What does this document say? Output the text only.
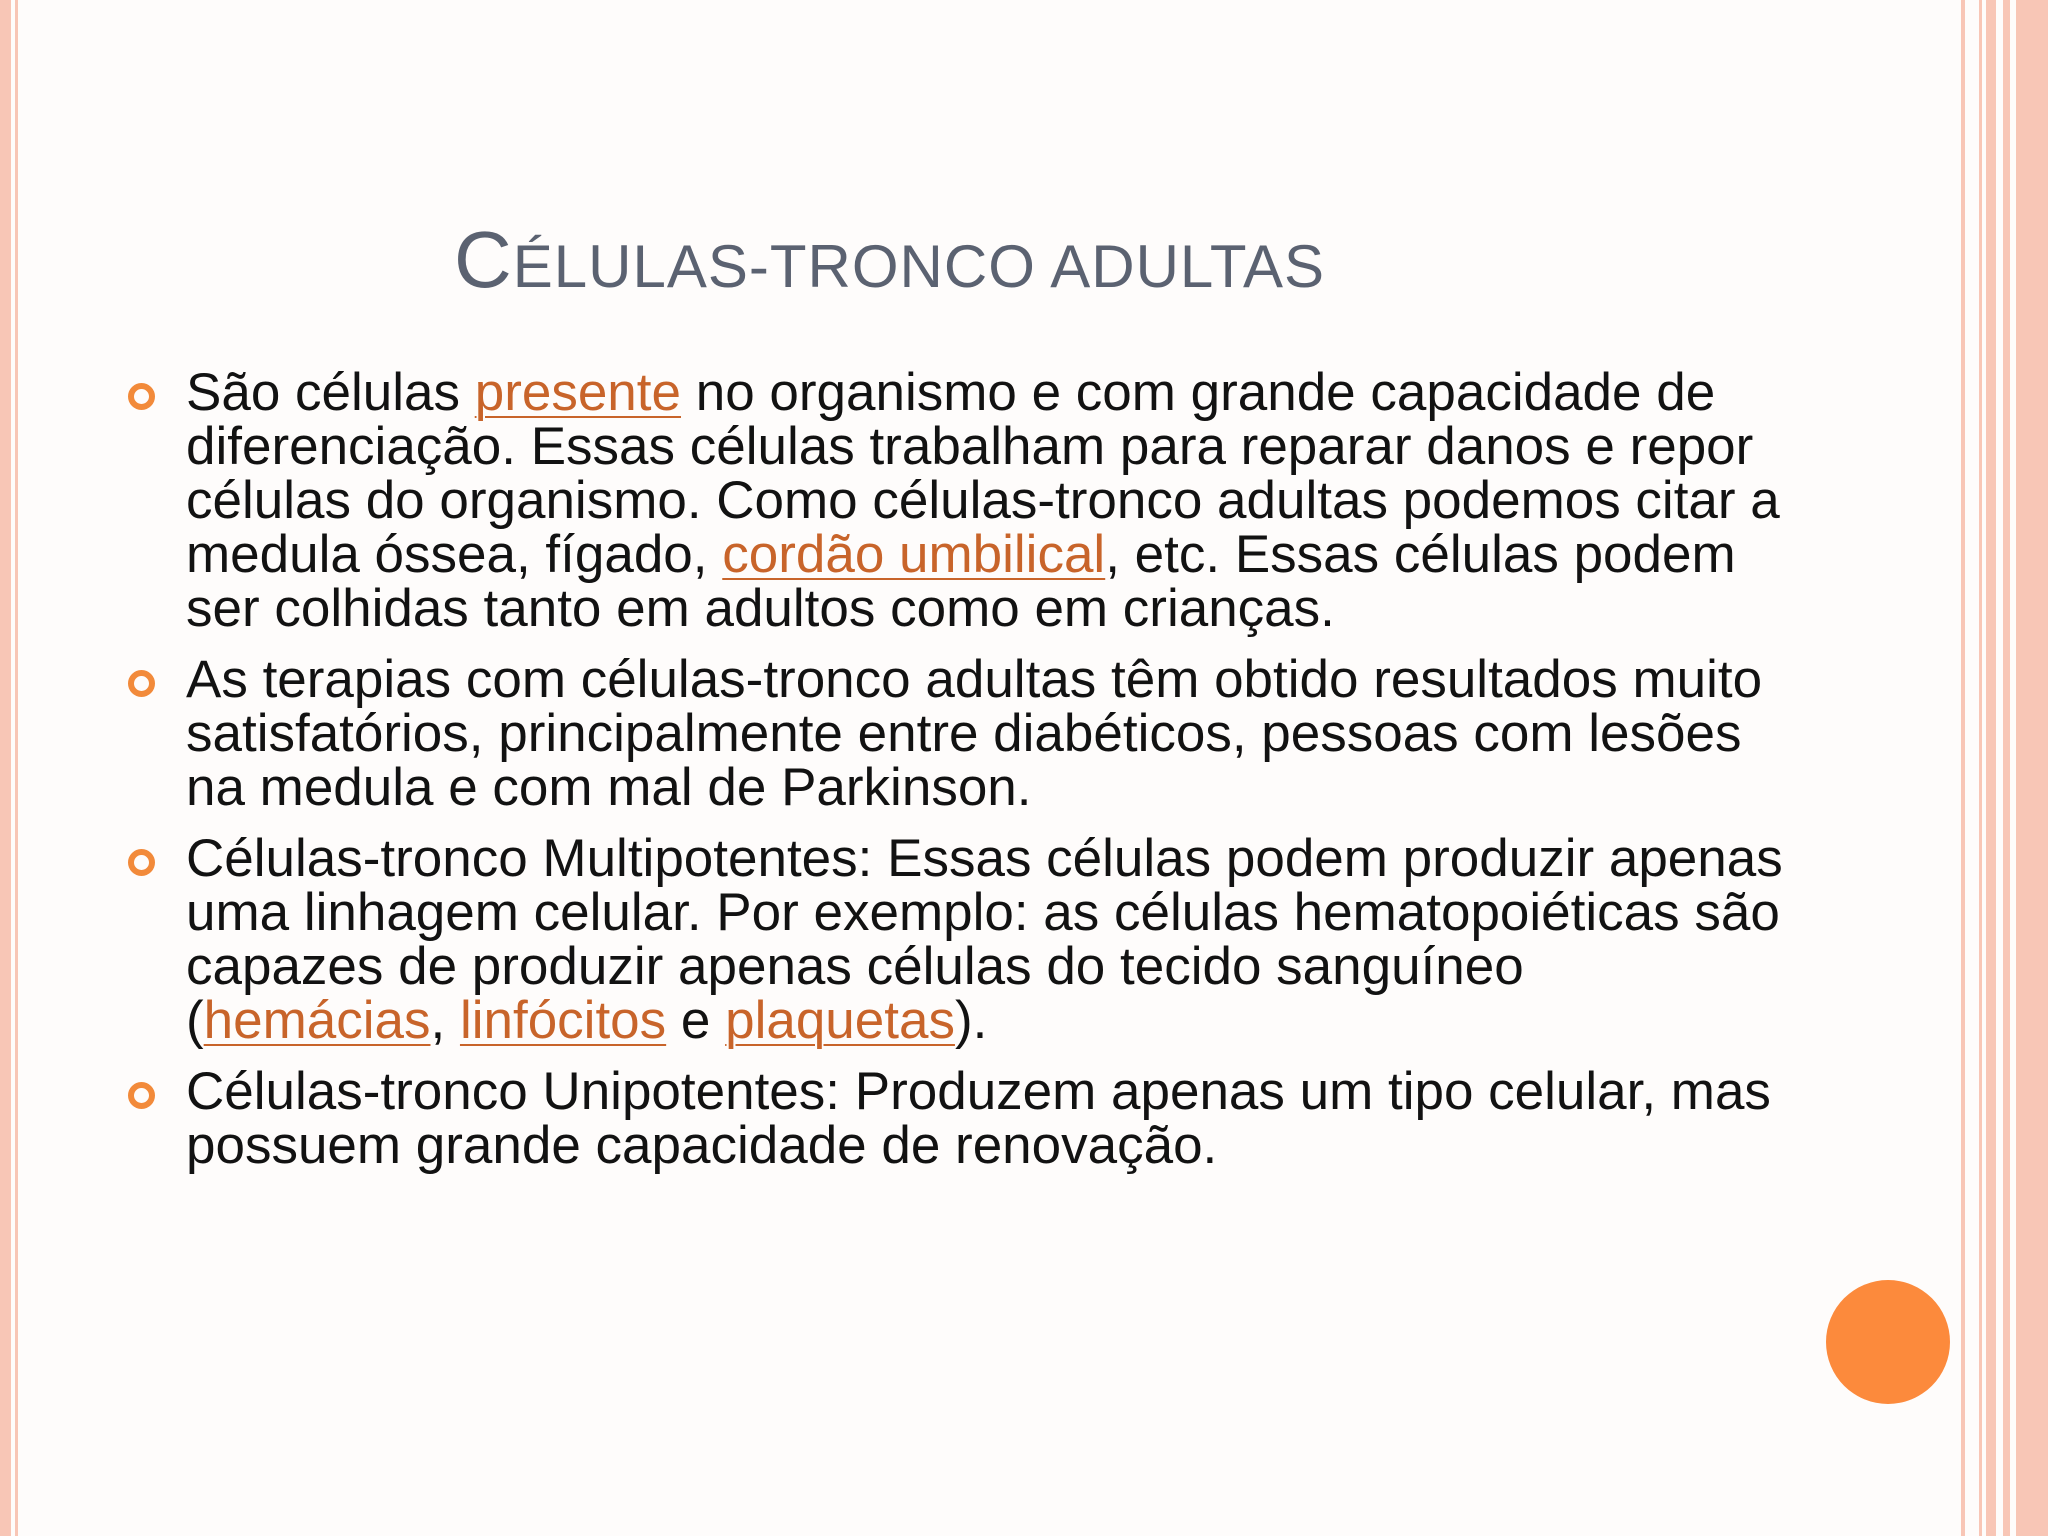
CÉLULAS-TRONCO ADULTAS
São células presente no organismo e com grande capacidade de diferenciação. Essas células trabalham para reparar danos e repor células do organismo. Como células-tronco adultas podemos citar a medula óssea, fígado, cordão umbilical, etc. Essas células podem ser colhidas tanto em adultos como em crianças.
As terapias com células-tronco adultas têm obtido resultados muito satisfatórios, principalmente entre diabéticos, pessoas com lesões na medula e com mal de Parkinson.
Células-tronco Multipotentes: Essas células podem produzir apenas uma linhagem celular. Por exemplo: as células hematopoiéticas são capazes de produzir apenas células do tecido sanguíneo (hemácias, linfócitos e plaquetas).
Células-tronco Unipotentes: Produzem apenas um tipo celular, mas possuem grande capacidade de renovação.
